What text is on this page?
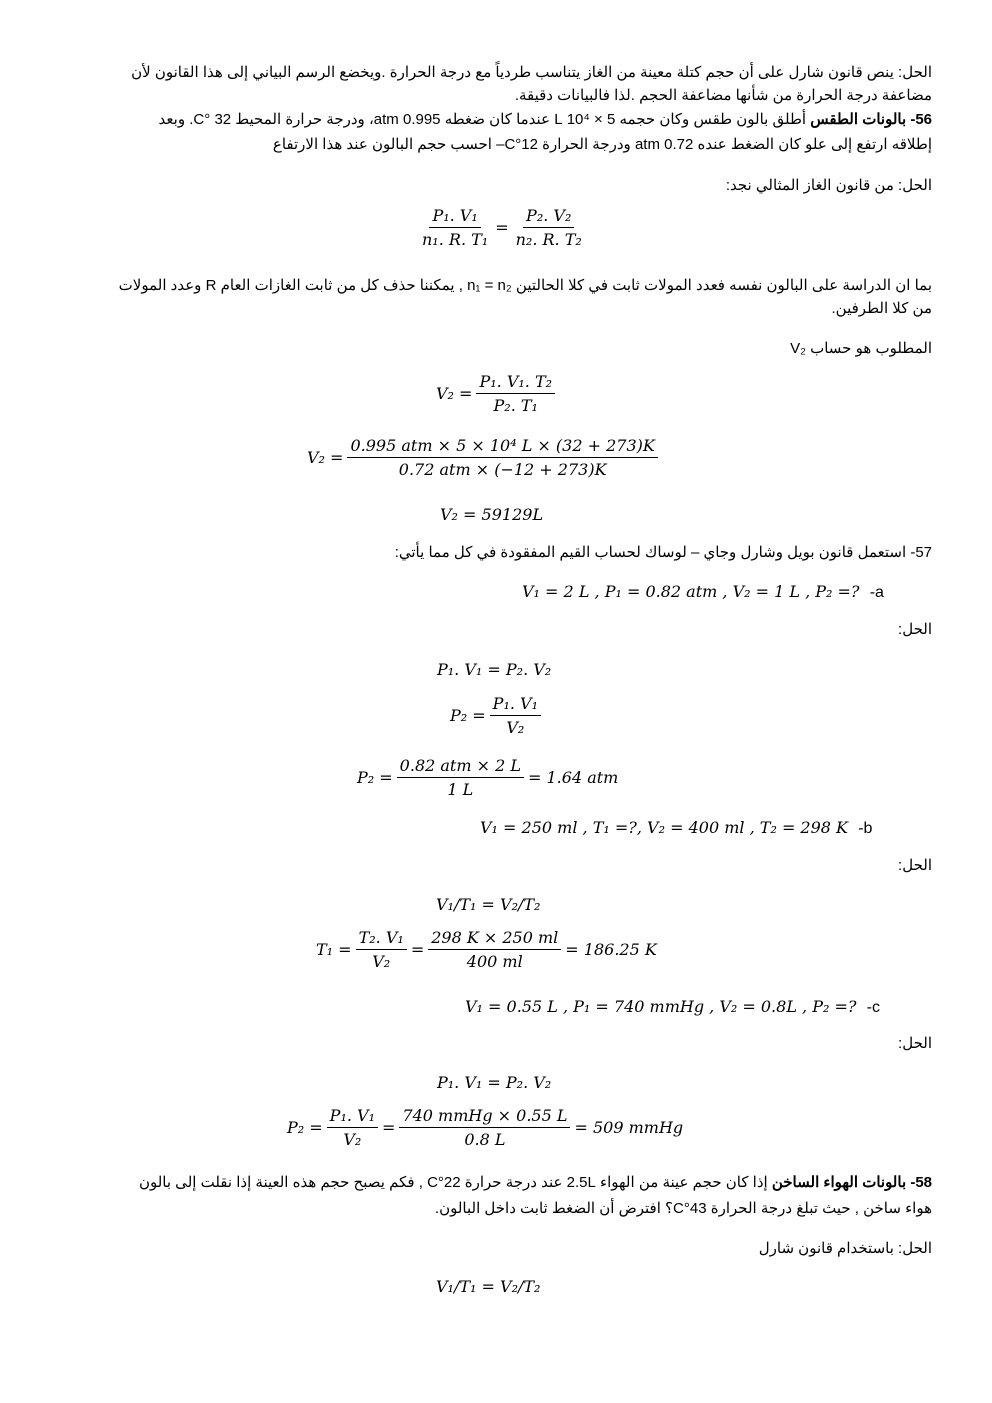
الحل: ينص قانون شارل على أن حجم كتلة معينة من الغاز يتناسب طردياً مع درجة الحرارة .ويخضع الرسم البياني إلى هذا القانون لأن
مضاعفة درجة الحرارة من شأنها مضاعفة الحجم .لذا فالبيانات دقيقة.
56- بالونات الطقس أطلق بالون طقس وكان حجمه 5 × 10⁴ L عندما كان ضغطه 0.995 atm، ودرجة حرارة المحيط 32 °C. وبعد
إطلاقه ارتفع إلى علو كان الضغط عنده 0.72 atm ودرجة الحرارة 12°C– احسب حجم البالون عند هذا الارتفاع
الحل: من قانون الغاز المثالي نجد:
$\frac{\text{P₁. V₁}}{\text{n₁. R. T₁}} = \frac{\text{P₂. V₂}}{\text{n₂. R. T₂}}$
بما ان الدراسة على البالون نفسه فعدد المولات ثابت في كلا الحالتين n₁ = n₂ , يمكننا حذف كل من ثابت الغازات العام R وعدد المولات
من كلا الطرفين.
المطلوب هو حساب V₂
$V_2 = \frac{\text{P₁. V₁. T₂}}{\text{P₂. T₁}}$
$V_2 = \frac{\text{0.995 atm × 5 × 10⁴ L × (32 + 273)K}}{\text{0.72 atm × (−12 + 273)K}}$
V₂ = 59129L
57- استعمل قانون بويل وشارل وجاي – لوساك لحساب القيم المفقودة في كل مما يأتي:
V₁ = 2 L , P₁ = 0.82 atm , V₂ = 1 L , P₂ =? -a
الحل:
P₁. V₁ = P₂. V₂
$P_2 = \frac{\text{P₁. V₁}}{\text{V₂}}$
$P_2 = \frac{\text{0.82 atm × 2 L}}{1 L} = 1.64$ atm
V₁ = 250 ml , T₁ =?, V₂ = 400 ml , T₂ = 298 K -b
الحل:
V₁/T₁ = V₂/T₂
$T_1 = \frac{\text{T₂. V₁}}{\text{V₂}} = \frac{298 K \times 250 ml}{400 ml} = 186.25$ K
V₁ = 0.55 L , P₁ = 740 mmHg , V₂ = 0.8L , P₂ =? -c
الحل:
P₁. V₁ = P₂. V₂
$P_2 = \frac{\text{P₁. V₁}}{\text{V₂}} = \frac{\text{740 mmHg × 0.55 L}}{0.8 L} = 509$ mmHg
58- بالونات الهواء الساخن إذا كان حجم عينة من الهواء 2.5L عند درجة حرارة 22°C , فكم يصبح حجم هذه العينة إذا نقلت إلى بالون
هواء ساخن , حيث تبلغ درجة الحرارة 43°C؟ افترض أن الضغط ثابت داخل البالون.
الحل: باستخدام قانون شارل
V₁/T₁ = V₂/T₂
